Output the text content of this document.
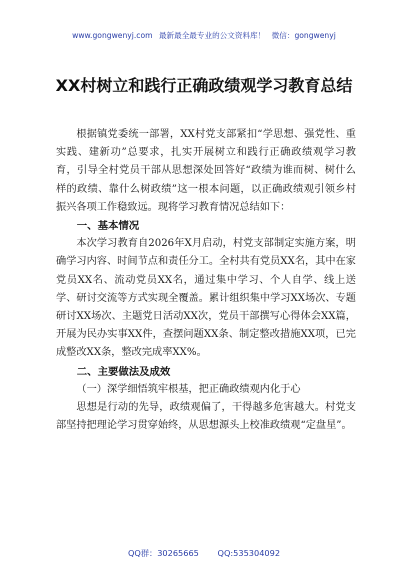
www.gongwenyj.com 最新最全最专业的公文资料库！ 微信：gongwenyj
XX村树立和践行正确政绩观学习教育总结

根据镇党委统一部署，XX村党支部紧扣“学思想、强党性、重实践、建新功”总要求，扎实开展树立和践行正确政绩观学习教育，引导全村党员干部从思想深处回答好“政绩为谁而树、树什么样的政绩、靠什么树政绩”这一根本问题，以正确政绩观引领乡村振兴各项工作稳致远。现将学习教育情况总结如下：

一、基本情况

本次学习教育自2026年X月启动，村党支部制定实施方案，明确学习内容、时间节点和责任分工。全村共有党员XX名，其中在家党员XX名、流动党员XX名，通过集中学习、个人自学、线上送学、研讨交流等方式实现全覆盖。累计组织集中学习XX场次、专题研讨XX场次、主题党日活动XX次，党员干部撰写心得体会XX篇，开展为民办实事XX件，查摆问题XX条、制定整改措施XX项，已完成整改XX条，整改完成率XX%。

二、主要做法及成效

（一）深学细悟筑牢根基，把正确政绩观内化于心

思想是行动的先导，政绩观偏了，干得越多危害越大。村党支部坚持把理论学习贯穿始终，从思想源头上校准政绩观“定盘星”。

QQ群：30265665 QQ:535304092
